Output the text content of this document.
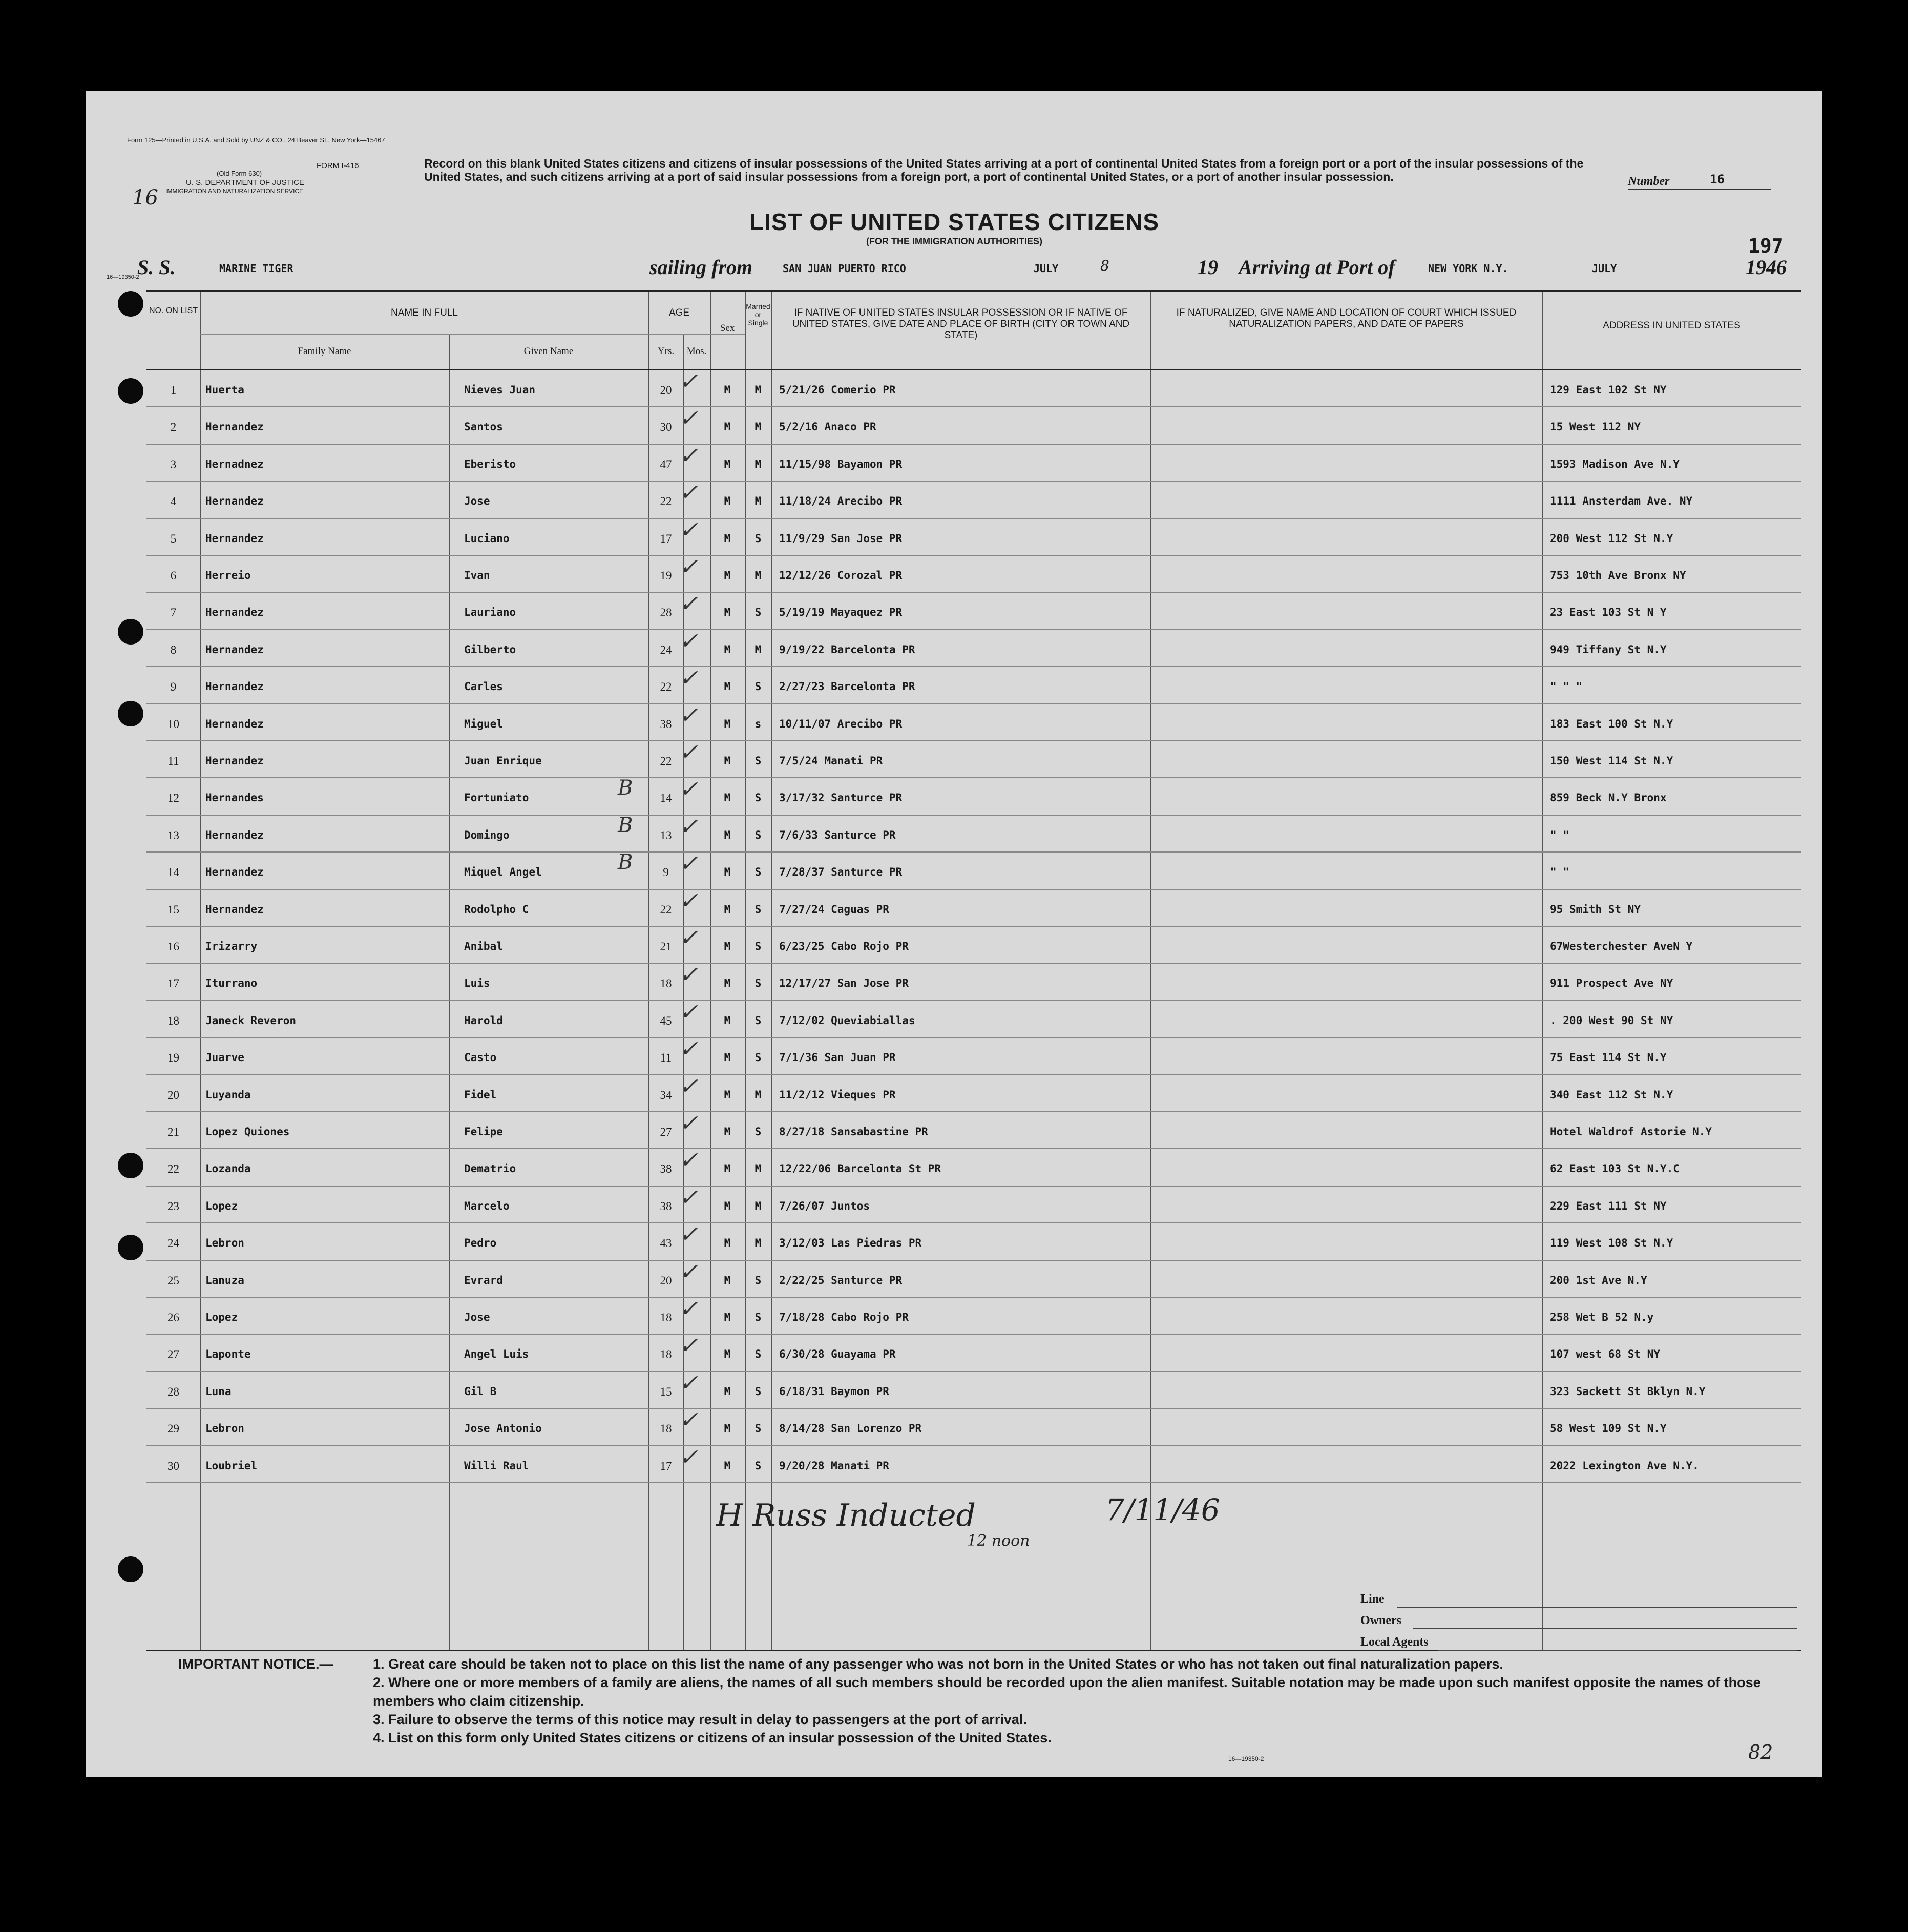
Form 125—Printed in U.S.A. and Sold by UNZ & CO., 24 Beaver St., New York—15467
FORM I-416
(Old Form 630)
U. S. DEPARTMENT OF JUSTICE
IMMIGRATION AND NATURALIZATION SERVICE
16—19350-2
16
Record on this blank United States citizens and citizens of insular possessions of the United States arriving at a port of continental United States from a foreign port or a port of the insular possessions of the United States, and such citizens arriving at a port of said insular possessions from a foreign port, a port of continental United States, or a port of another insular possession.	Number	16
LIST OF UNITED STATES CITIZENS
(FOR THE IMMIGRATION AUTHORITIES)	197
S. S.	MARINE TIGER	sailing from	SAN JUAN PUERTO RICO	JULY	8	19 Arriving at Port of	NEW YORK N.Y.	JULY	1946
NO. ON LIST	NAME IN FULL
Family Name	Given Name
AGE
Yrs.	Mos.
Sex
Married or Single
IF NATIVE OF UNITED STATES INSULAR POSSESSION OR IF NATIVE OF UNITED STATES, GIVE DATE AND PLACE OF BIRTH (CITY OR TOWN AND STATE)
IF NATURALIZED, GIVE NAME AND LOCATION OF COURT WHICH ISSUED NATURALIZATION PAPERS, AND DATE OF PAPERS	ADDRESS IN UNITED STATES
1	Huerta	Nieves Juan	20	M	M	5/21/26 Comerio PR	129 East 102 St NY
✓
2	Hernandez	Santos	30	M	M	5/2/16 Anaco PR	15 West 112 NY
✓
3	Hernadnez	Eberisto	47	M	M	11/15/98 Bayamon PR	1593 Madison Ave N.Y
✓
4	Hernandez	Jose	22	M	M	11/18/24 Arecibo PR	1111 Ansterdam Ave. NY
✓
5	Hernandez	Luciano	17	M	S	11/9/29 San Jose PR	200 West 112 St N.Y
✓
6	Herreio	Ivan	19	M	M	12/12/26 Corozal PR	753 10th Ave Bronx NY
✓
7	Hernandez	Lauriano	28	M	S	5/19/19 Mayaquez PR	23 East 103 St N Y
✓
8	Hernandez	Gilberto	24	M	M	9/19/22 Barcelonta PR	949 Tiffany St N.Y
✓
9	Hernandez	Carles	22	M	S	2/27/23 Barcelonta PR	" " "
✓
10	Hernandez	Miguel	38	M	s	10/11/07 Arecibo PR	183 East 100 St N.Y
✓
11	Hernandez	Juan Enrique	22	M	S	7/5/24 Manati PR	150 West 114 St N.Y
✓
12	Hernandes	Fortuniato	14	M	S	3/17/32 Santurce PR	859 Beck N.Y Bronx
✓
B
13	Hernandez	Domingo	13	M	S	7/6/33 Santurce PR	" "
✓
B
14	Hernandez	Miquel Angel	9	M	S	7/28/37 Santurce PR	" "
✓
B
15	Hernandez	Rodolpho C	22	M	S	7/27/24 Caguas PR	95 Smith St NY
✓
16	Irizarry	Anibal	21	M	S	6/23/25 Cabo Rojo PR	67Westerchester AveN Y
✓
17	Iturrano	Luis	18	M	S	12/17/27 San Jose PR	911 Prospect Ave NY
✓
18	Janeck Reveron	Harold	45	M	S	7/12/02 Queviabiallas	. 200 West 90 St NY
✓
19	Juarve	Casto	11	M	S	7/1/36 San Juan PR	75 East 114 St N.Y
✓
20	Luyanda	Fidel	34	M	M	11/2/12 Vieques PR	340 East 112 St N.Y
✓
21	Lopez Quiones	Felipe	27	M	S	8/27/18 Sansabastine PR	Hotel Waldrof Astorie N.Y
✓
22	Lozanda	Dematrio	38	M	M	12/22/06 Barcelonta St PR	62 East 103 St N.Y.C
✓
23	Lopez	Marcelo	38	M	M	7/26/07 Juntos	229 East 111 St NY
✓
24	Lebron	Pedro	43	M	M	3/12/03 Las Piedras PR	119 West 108 St N.Y
✓
25	Lanuza	Evrard	20	M	S	2/22/25 Santurce PR	200 1st Ave N.Y
✓
26	Lopez	Jose	18	M	S	7/18/28 Cabo Rojo PR	258 Wet B 52 N.y
✓
27	Laponte	Angel Luis	18	M	S	6/30/28 Guayama PR	107 west 68 St NY
✓
28	Luna	Gil B	15	M	S	6/18/31 Baymon PR	323 Sackett St Bklyn N.Y
✓
29	Lebron	Jose Antonio	18	M	S	8/14/28 San Lorenzo PR	58 West 109 St N.Y
✓
30	Loubriel	Willi Raul	17	M	S	9/20/28 Manati PR	2022 Lexington Ave N.Y.
✓
H Russ Inducted	7/11/46
12 noon
Line
Owners
Local Agents
IMPORTANT NOTICE.—	1. Great care should be taken not to place on this list the name of any passenger who was not born in the United States or who has not taken out final naturalization papers.
2. Where one or more members of a family are aliens, the names of all such members should be recorded upon the alien manifest. Suitable notation may be made upon such manifest opposite the names of those members who claim citizenship.
3. Failure to observe the terms of this notice may result in delay to passengers at the port of arrival.
4. List on this form only United States citizens or citizens of an insular possession of the United States.
16—19350-2	82
